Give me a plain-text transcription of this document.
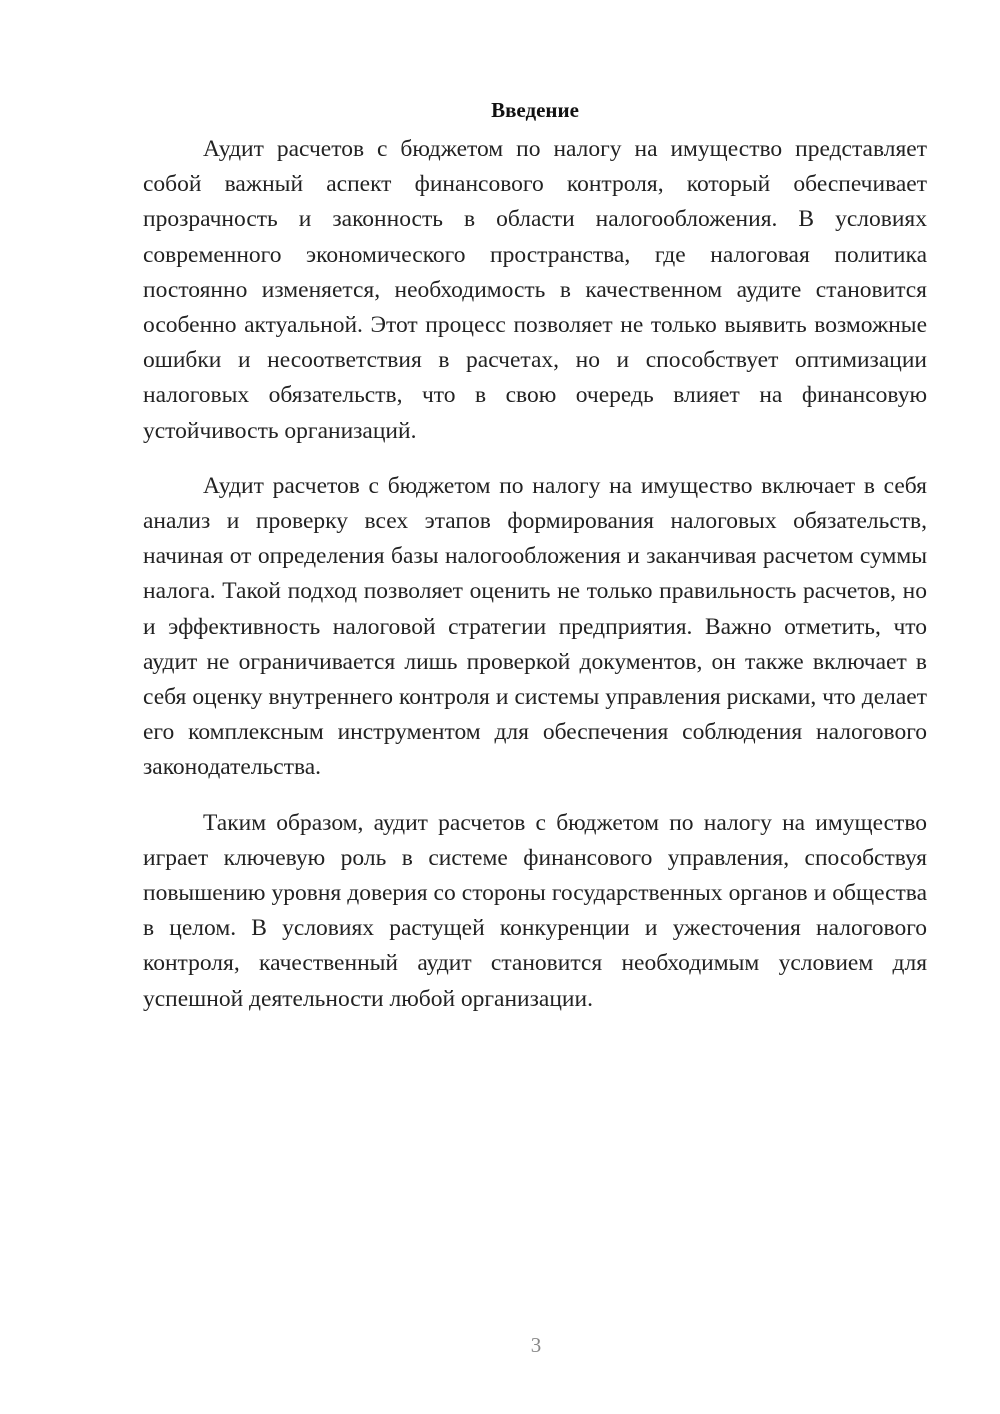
Введение

Аудит расчетов с бюджетом по налогу на имущество представляет собой важный аспект финансового контроля, который обеспечивает прозрачность и законность в области налогообложения. В условиях современного экономического пространства, где налоговая политика постоянно изменяется, необходимость в качественном аудите становится особенно актуальной. Этот процесс позволяет не только выявить возможные ошибки и несоответствия в расчетах, но и способствует оптимизации налоговых обязательств, что в свою очередь влияет на финансовую устойчивость организаций.

Аудит расчетов с бюджетом по налогу на имущество включает в себя анализ и проверку всех этапов формирования налоговых обязательств, начиная от определения базы налогообложения и заканчивая расчетом суммы налога. Такой подход позволяет оценить не только правильность расчетов, но и эффективность налоговой стратегии предприятия. Важно отметить, что аудит не ограничивается лишь проверкой документов, он также включает в себя оценку внутреннего контроля и системы управления рисками, что делает его комплексным инструментом для обеспечения соблюдения налогового законодательства.

Таким образом, аудит расчетов с бюджетом по налогу на имущество играет ключевую роль в системе финансового управления, способствуя повышению уровня доверия со стороны государственных органов и общества в целом. В условиях растущей конкуренции и ужесточения налогового контроля, качественный аудит становится необходимым условием для успешной деятельности любой организации.

3
